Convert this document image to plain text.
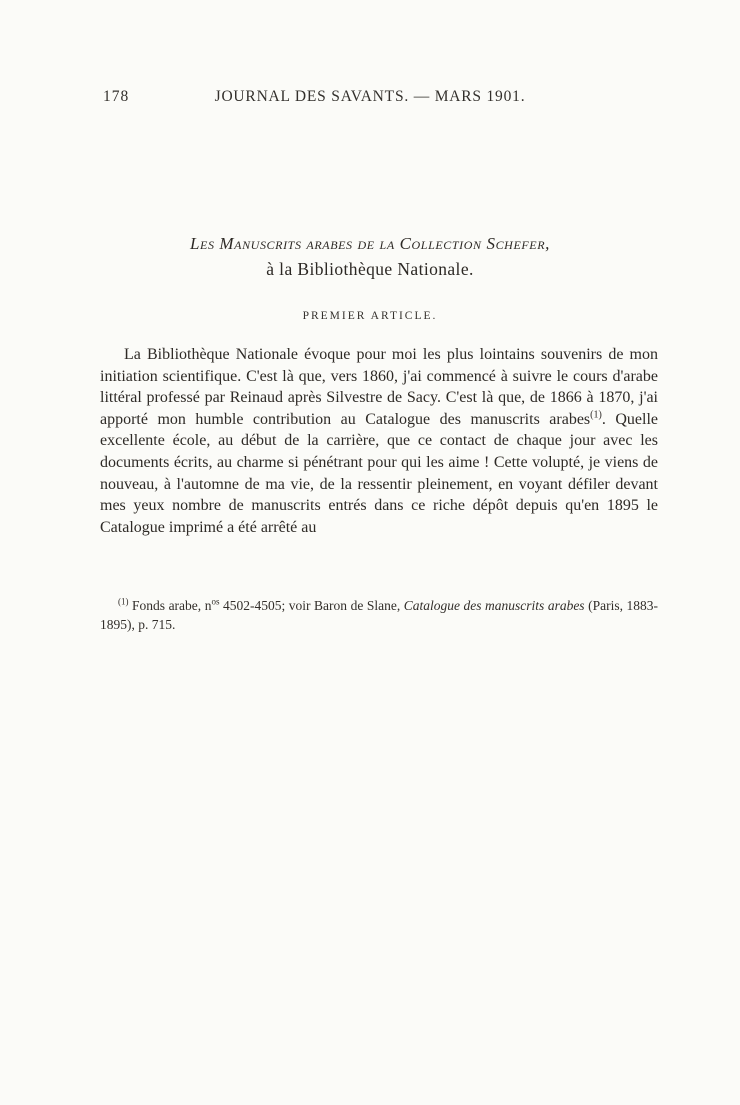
178	JOURNAL DES SAVANTS. — MARS 1901.
Les Manuscrits arabes de la Collection Schefer,
à la Bibliothèque Nationale.
PREMIER ARTICLE.

La Bibliothèque Nationale évoque pour moi les plus lointains souvenirs de mon initiation scientifique. C'est là que, vers 1860, j'ai commencé à suivre le cours d'arabe littéral professé par Reinaud après Silvestre de Sacy. C'est là que, de 1866 à 1870, j'ai apporté mon humble contribution au Catalogue des manuscrits arabes$^{(1)}$. Quelle excellente école, au début de la carrière, que ce contact de chaque jour avec les documents écrits, au charme si pénétrant pour qui les aime ! Cette volupté, je viens de nouveau, à l'automne de ma vie, de la ressentir pleinement, en voyant défiler devant mes yeux nombre de manuscrits entrés dans ce riche dépôt depuis qu'en 1895 le Catalogue imprimé a été arrêté au

$^{(1)}$ Fonds arabe, $n^{os}$ 4502-4505; voir Baron de Slane, Catalogue des manuscrits arabes (Paris, 1883-1895), p. 715.
